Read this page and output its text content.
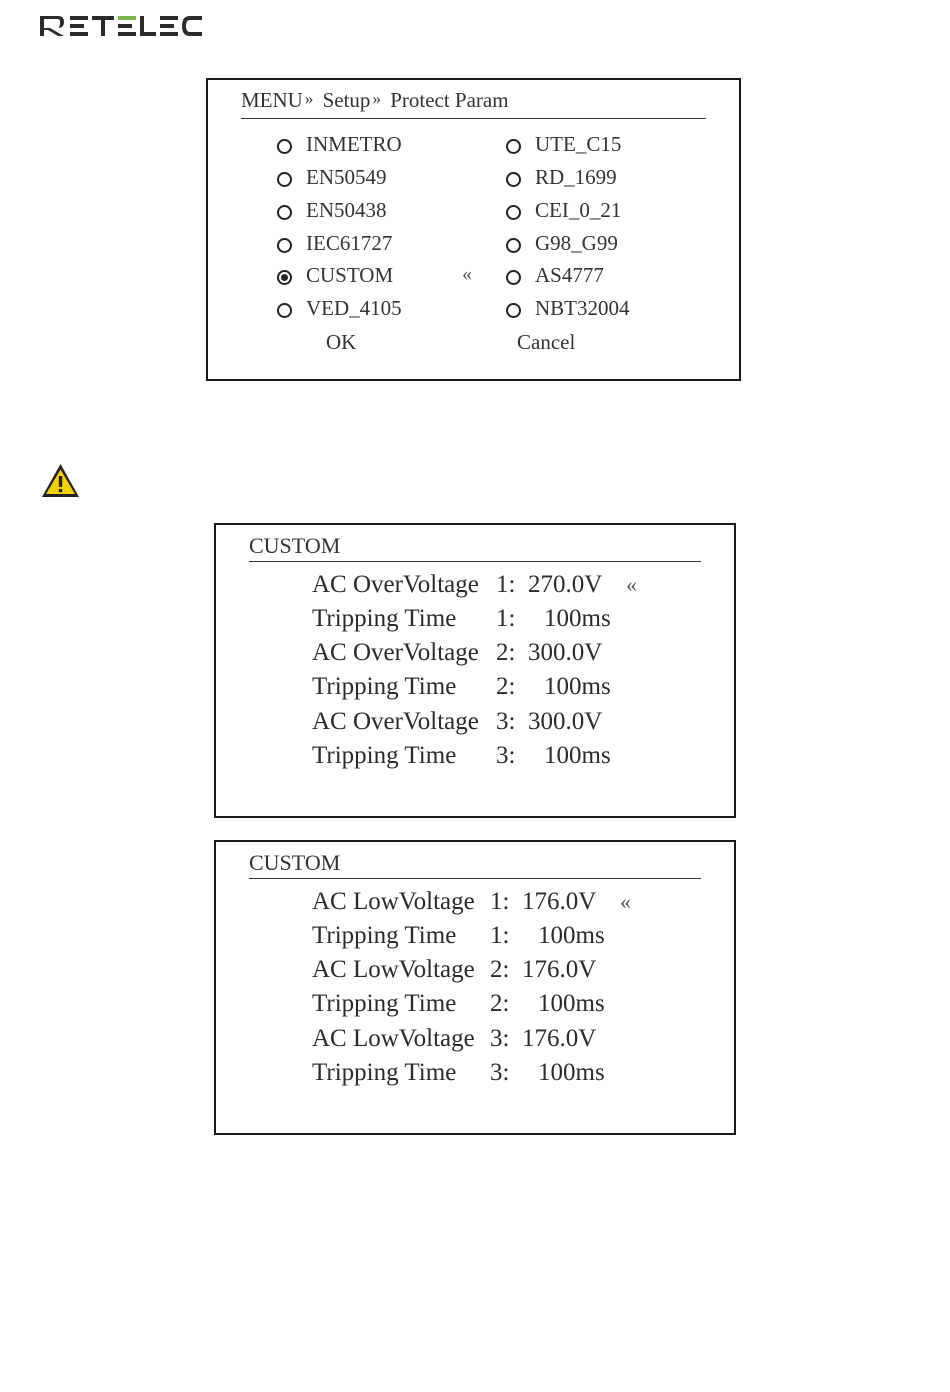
RETELEC
MENU » Setup » Protect Param
INMETRO
EN50549
EN50438
IEC61727
CUSTOM	«
VED_4105
UTE_C15
RD_1699
CEI_0_21
G98_G99
AS4777
NBT32004
OK	Cancel
CUSTOM
AC OverVoltage 1: 270.0V «
Tripping Time 1: 100ms
AC OverVoltage 2: 300.0V
Tripping Time 2: 100ms
AC OverVoltage 3: 300.0V
Tripping Time 3: 100ms
CUSTOM
AC LowVoltage 1: 176.0V «
Tripping Time 1: 100ms
AC LowVoltage 2: 176.0V
Tripping Time 2: 100ms
AC LowVoltage 3: 176.0V
Tripping Time 3: 100ms
